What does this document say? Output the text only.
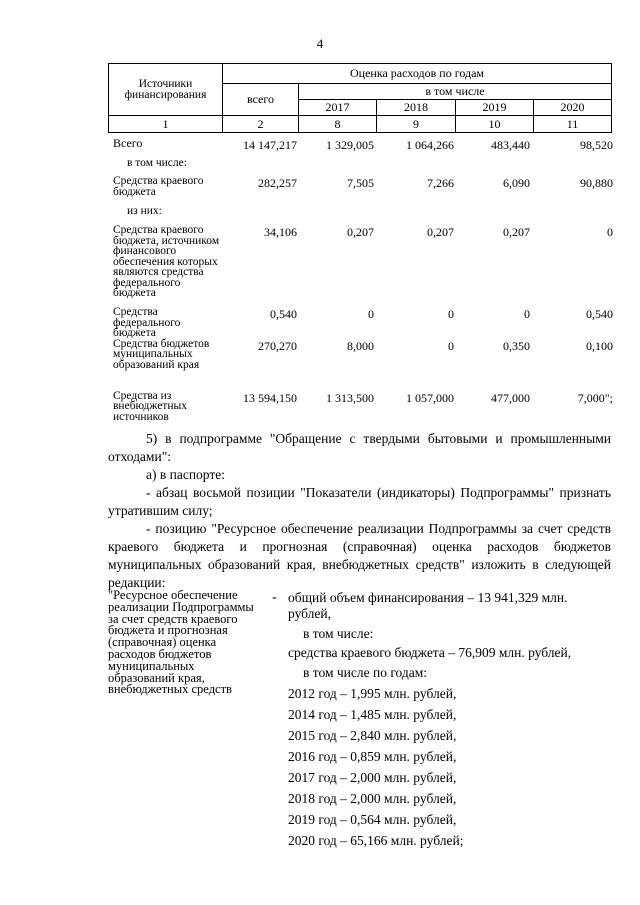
4
Источники финансирования	Оценка расходов по годам				
	всего	в том числе			
		2017	2018	2019	2020
1	2	8	9	10	11
Всего	14 147,217	1 329,005	1 064,266	483,440	98,520
в том числе:					
Средства краевого бюджета	282,257	7,505	7,266	6,090	90,880
из них:					
Средства краевого бюджета, источником финансового обеспечения которых являются средства федерального бюджета	34,106	0,207	0,207	0,207	0
Средства федерального бюджета	0,540	0	0	0	0,540
Средства бюджетов муниципальных образований края	270,270	8,000	0	0,350	0,100
Средства из внебюджетных источников	13 594,150	1 313,500	1 057,000	477,000	7,000";
5) в подпрограмме "Обращение с твердыми бытовыми и промышленными отходами":
а) в паспорте:
- абзац восьмой позиции "Показатели (индикаторы) Подпрограммы" признать утратившим силу;
- позицию "Ресурсное обеспечение реализации Подпрограммы за счет средств краевого бюджета и прогнозная (справочная) оценка расходов бюджетов муниципальных образований края, внебюджетных средств" изложить в следующей редакции:
"Ресурсное обеспечение реализации Подпрограммы за счет средств краевого бюджета и прогнозная (справочная) оценка расходов бюджетов муниципальных образований края, внебюджетных средств
- общий объем финансирования – 13 941,329 млн. рублей,
в том числе:
средства краевого бюджета – 76,909 млн. рублей,
в том числе по годам:
2012 год – 1,995 млн. рублей,
2014 год – 1,485 млн. рублей,
2015 год – 2,840 млн. рублей,
2016 год – 0,859 млн. рублей,
2017 год – 2,000 млн. рублей,
2018 год – 2,000 млн. рублей,
2019 год – 0,564 млн. рублей,
2020 год – 65,166 млн. рублей;
